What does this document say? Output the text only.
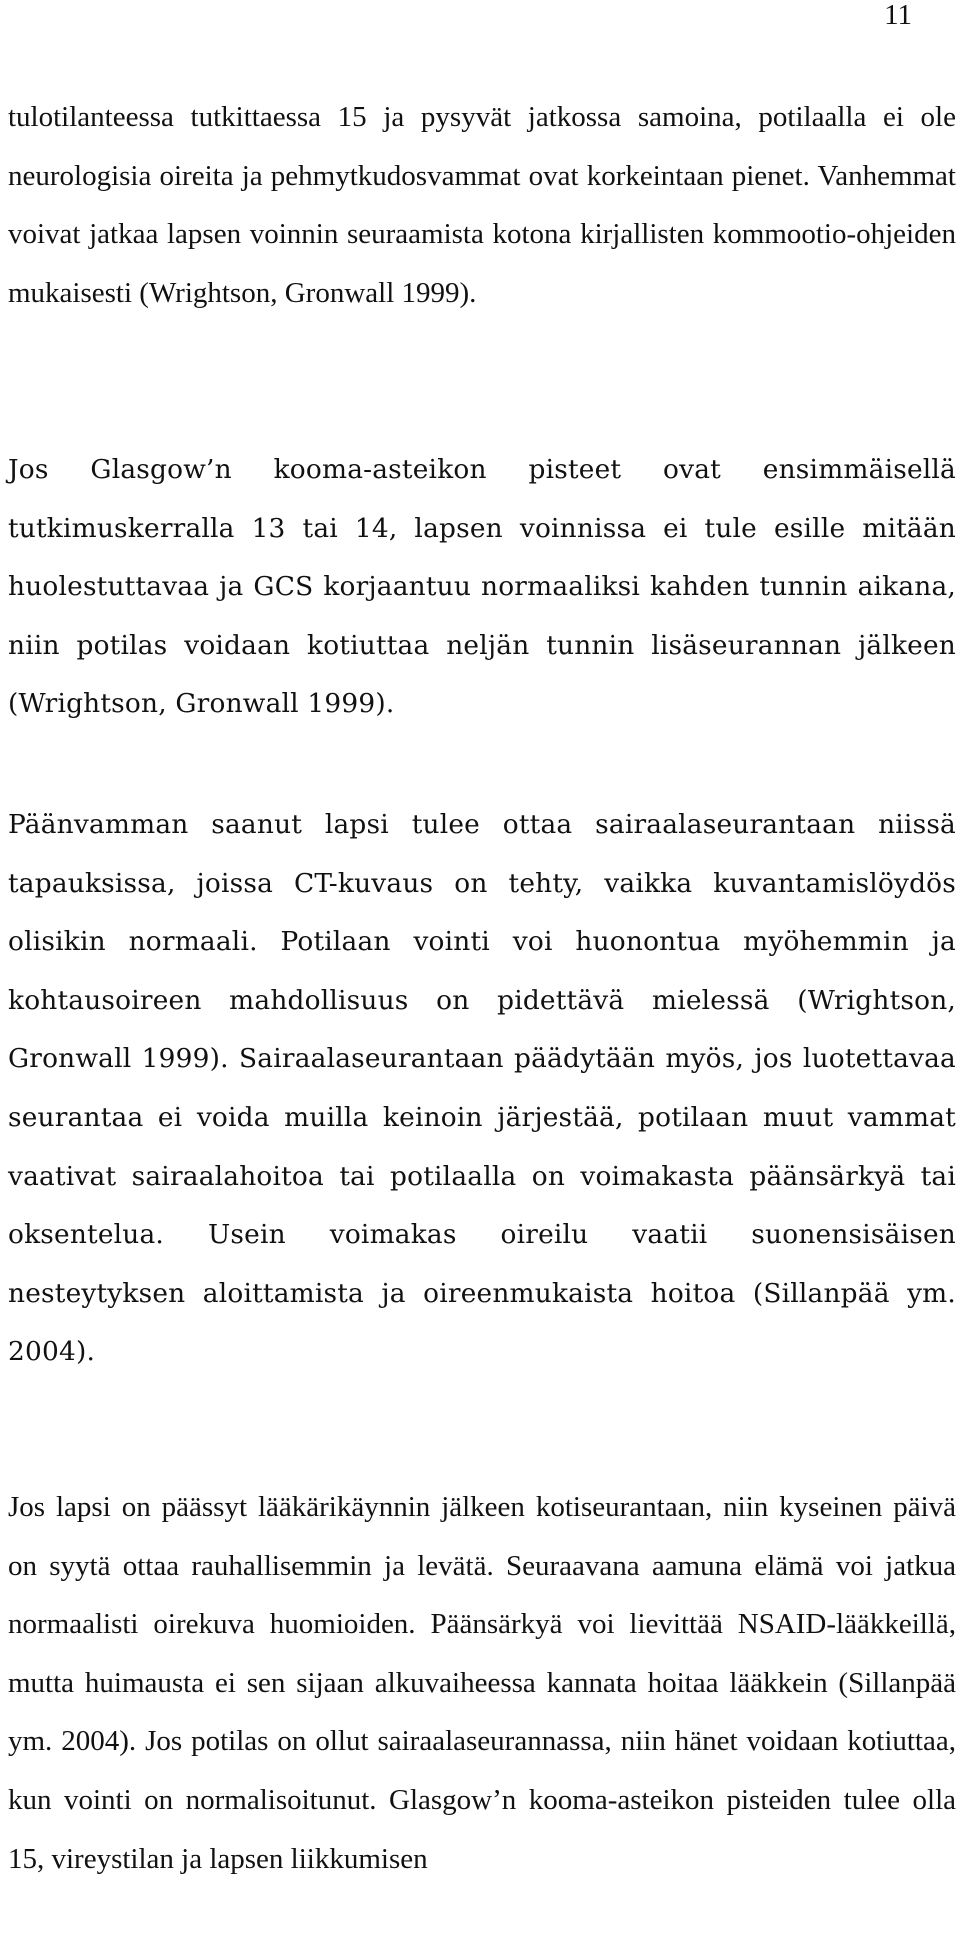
11

tulotilanteessa tutkittaessa 15 ja pysyvät jatkossa samoina, potilaalla ei ole neurologisia oireita ja pehmytkudosvammat ovat korkeintaan pienet. Vanhemmat voivat jatkaa lapsen voinnin seuraamista kotona kirjallisten kommootio-ohjeiden mukaisesti (Wrightson, Gronwall 1999).

Jos Glasgow’n kooma-asteikon pisteet ovat ensimmäisellä tutkimuskerralla 13 tai 14, lapsen voinnissa ei tule esille mitään huolestuttavaa ja GCS korjaantuu normaaliksi kahden tunnin aikana, niin potilas voidaan kotiuttaa neljän tunnin lisäseurannan jälkeen (Wrightson, Gronwall 1999).

Päänvamman saanut lapsi tulee ottaa sairaalaseurantaan niissä tapauksissa, joissa CT-kuvaus on tehty, vaikka kuvantamislöydös olisikin normaali. Potilaan vointi voi huonontua myöhemmin ja kohtausoireen mahdollisuus on pidettävä mielessä (Wrightson, Gronwall 1999). Sairaalaseurantaan päädytään myös, jos luotettavaa seurantaa ei voida muilla keinoin järjestää, potilaan muut vammat vaativat sairaalahoitoa tai potilaalla on voimakasta päänsärkyä tai oksentelua. Usein voimakas oireilu vaatii suonensisäisen nesteytyksen aloittamista ja oireenmukaista hoitoa (Sillanpää ym. 2004).

Jos lapsi on päässyt lääkärikäynnin jälkeen kotiseurantaan, niin kyseinen päivä on syytä ottaa rauhallisemmin ja levätä. Seuraavana aamuna elämä voi jatkua normaalisti oirekuva huomioiden. Päänsärkyä voi lievittää NSAID-lääkkeillä, mutta huimausta ei sen sijaan alkuvaiheessa kannata hoitaa lääkkein (Sillanpää ym. 2004). Jos potilas on ollut sairaalaseurannassa, niin hänet voidaan kotiuttaa, kun vointi on normalisoitunut. Glasgow’n kooma-asteikon pisteiden tulee olla 15, vireystilan ja lapsen liikkumisen
